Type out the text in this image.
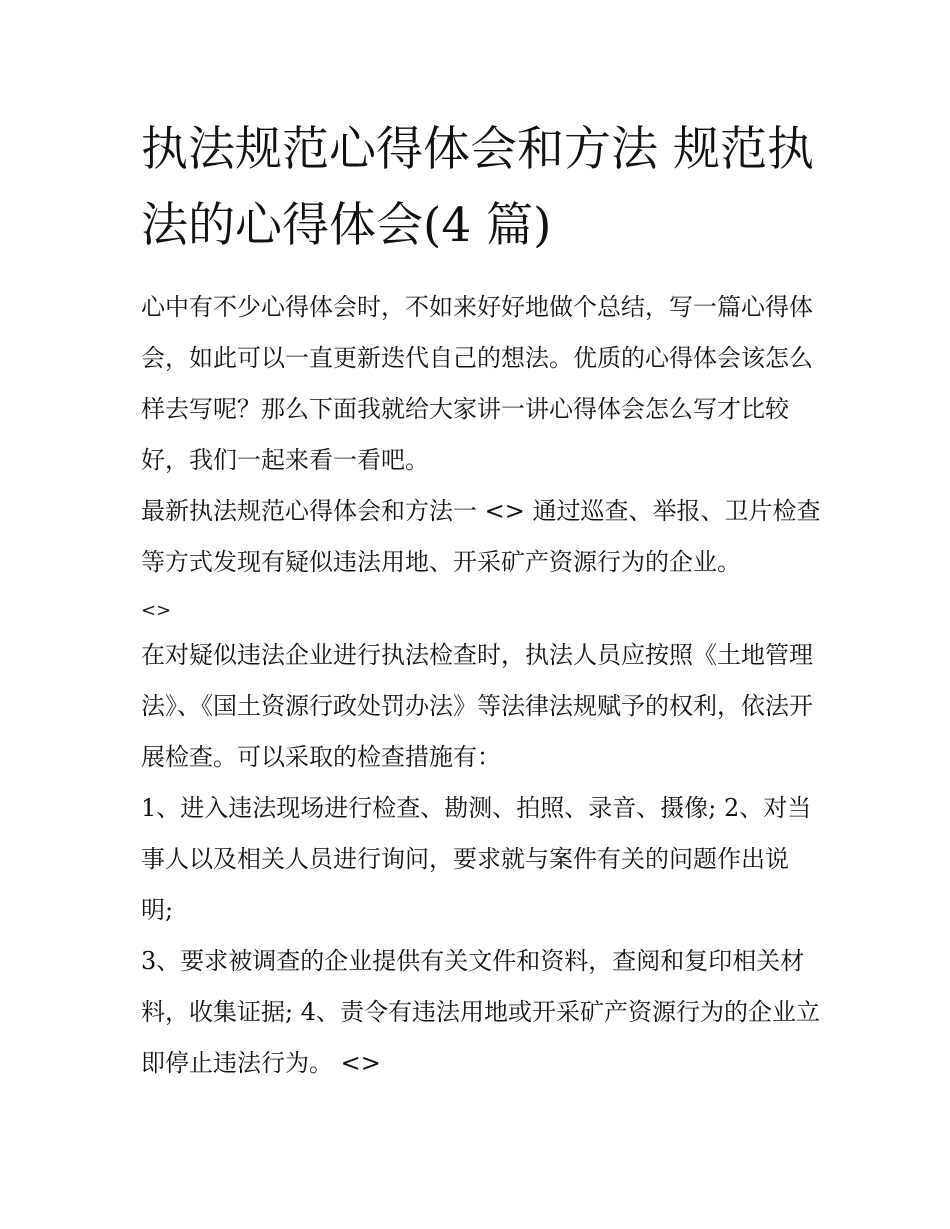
执法规范心得体会和方法 规范执法的心得体会(4 篇)

心中有不少心得体会时，不如来好好地做个总结，写一篇心得体会，如此可以一直更新迭代自己的想法。优质的心得体会该怎么样去写呢？那么下面我就给大家讲一讲心得体会怎么写才比较好，我们一起来看一看吧。

最新执法规范心得体会和方法一 <> 通过巡查、举报、卫片检查等方式发现有疑似违法用地、开采矿产资源行为的企业。

<>

在对疑似违法企业进行执法检查时，执法人员应按照《土地管理法》、《国土资源行政处罚办法》等法律法规赋予的权利，依法开展检查。可以采取的检查措施有：

1、进入违法现场进行检查、勘测、拍照、录音、摄像; 2、对当事人以及相关人员进行询问，要求就与案件有关的问题作出说明;

3、要求被调查的企业提供有关文件和资料，查阅和复印相关材料，收集证据; 4、责令有违法用地或开采矿产资源行为的企业立即停止违法行为。 <>
